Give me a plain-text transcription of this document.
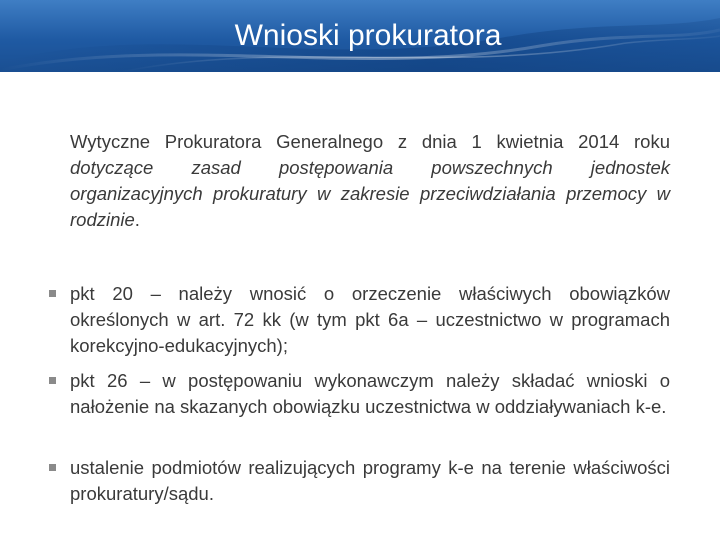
Wnioski prokuratora
Wytyczne Prokuratora Generalnego z dnia 1 kwietnia 2014 roku dotyczące zasad postępowania powszechnych jednostek organizacyjnych prokuratury w zakresie przeciwdziałania przemocy w rodzinie.
pkt 20 – należy wnosić o orzeczenie właściwych obowiązków określonych w art. 72 kk (w tym pkt 6a – uczestnictwo w programach korekcyjno-edukacyjnych);
pkt 26 – w postępowaniu wykonawczym należy składać wnioski o nałożenie na skazanych obowiązku uczestnictwa w oddziaływaniach k-e.
ustalenie podmiotów realizujących programy k-e na terenie właściwości prokuratury/sądu.
